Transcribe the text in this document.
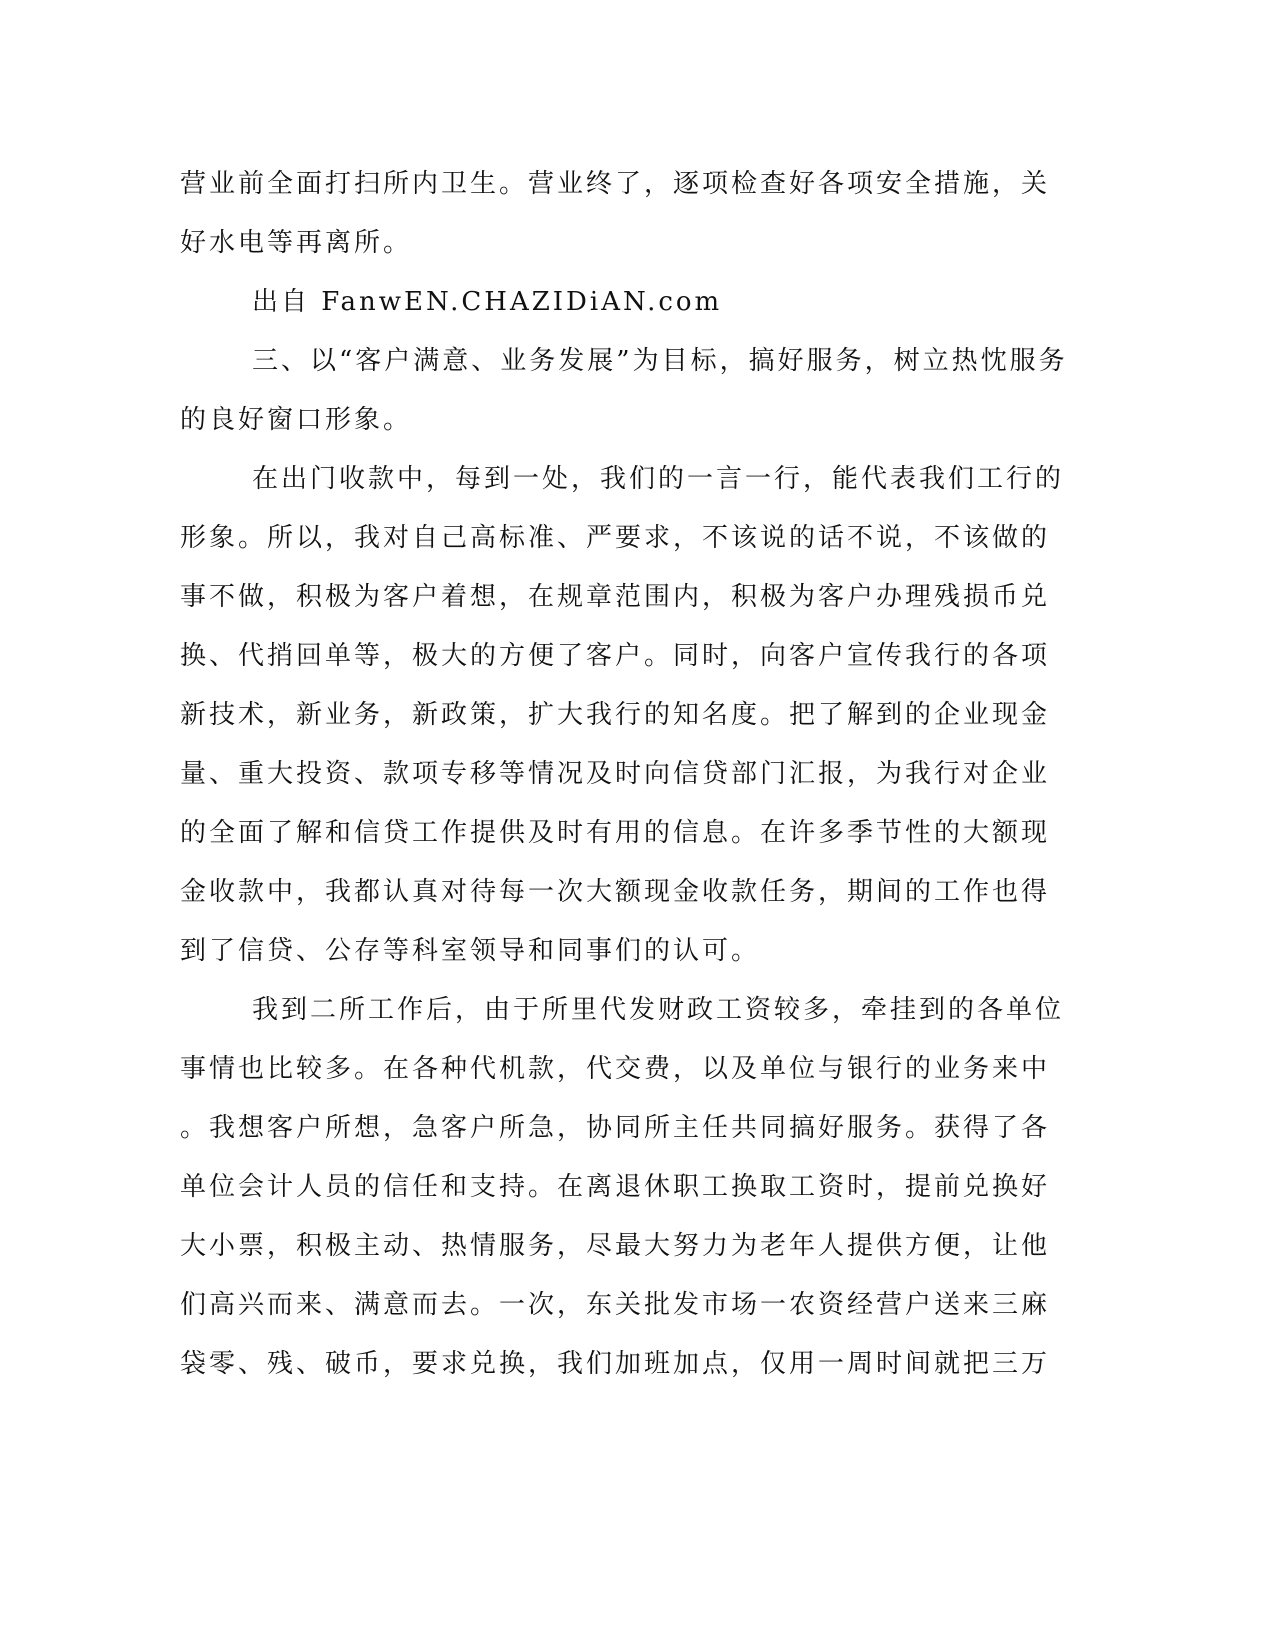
营业前全面打扫所内卫生。营业终了，逐项检查好各项安全措施，关
好水电等再离所。
出自 FanwEN.CHAZIDiAN.com
三、以“客户满意、业务发展”为目标，搞好服务，树立热忱服务
的良好窗口形象。
在出门收款中，每到一处，我们的一言一行，能代表我们工行的
形象。所以，我对自己高标准、严要求，不该说的话不说，不该做的
事不做，积极为客户着想，在规章范围内，积极为客户办理残损币兑
换、代捎回单等，极大的方便了客户。同时，向客户宣传我行的各项
新技术，新业务，新政策，扩大我行的知名度。把了解到的企业现金
量、重大投资、款项专移等情况及时向信贷部门汇报，为我行对企业
的全面了解和信贷工作提供及时有用的信息。在许多季节性的大额现
金收款中，我都认真对待每一次大额现金收款任务，期间的工作也得
到了信贷、公存等科室领导和同事们的认可。
我到二所工作后，由于所里代发财政工资较多，牵挂到的各单位
事情也比较多。在各种代机款，代交费，以及单位与银行的业务来中
。我想客户所想，急客户所急，协同所主任共同搞好服务。获得了各
单位会计人员的信任和支持。在离退休职工换取工资时，提前兑换好
大小票，积极主动、热情服务，尽最大努力为老年人提供方便，让他
们高兴而来、满意而去。一次，东关批发市场一农资经营户送来三麻
袋零、残、破币，要求兑换，我们加班加点，仅用一周时间就把三万
